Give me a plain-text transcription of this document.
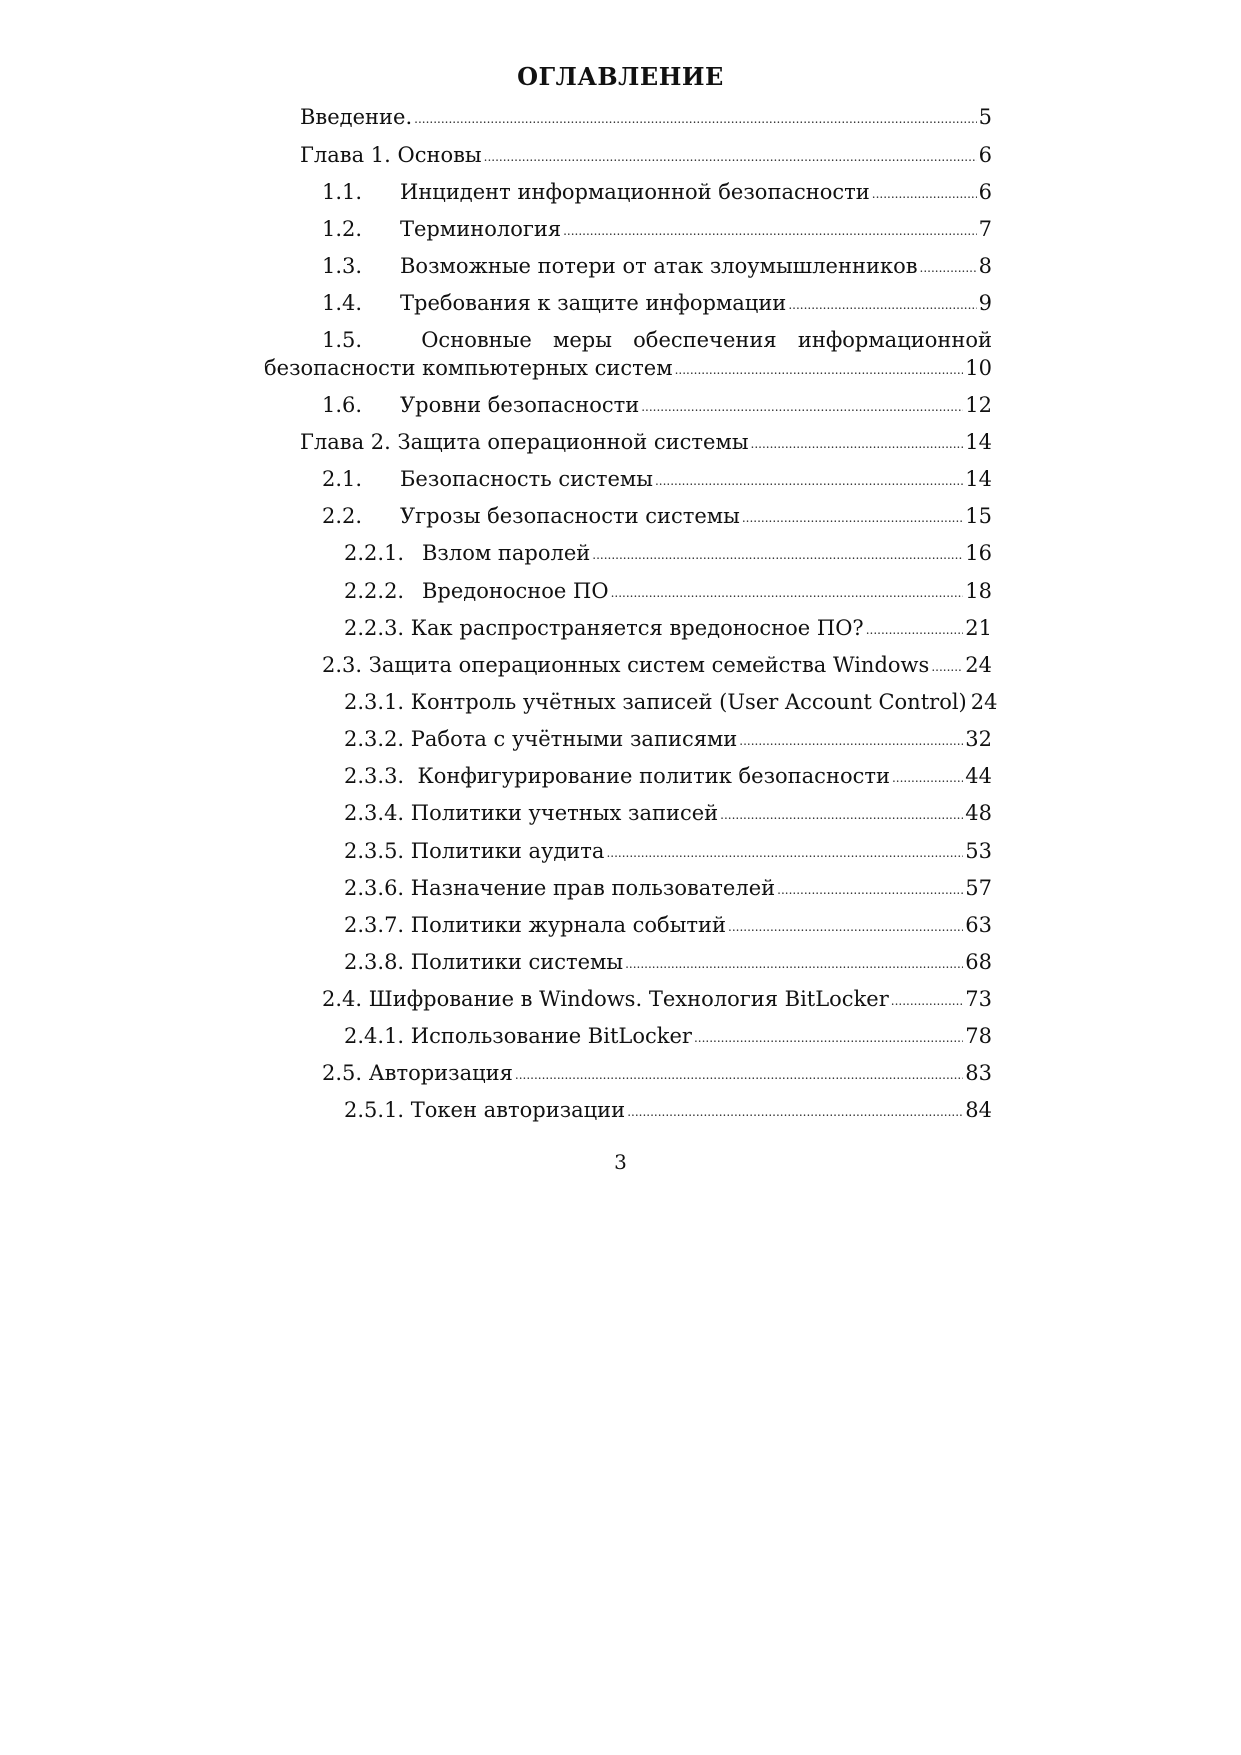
ОГЛАВЛЕНИЕ
Введение. .....	5
Глава 1. Основы .....	6
1.1.	Инцидент информационной безопасности .....	6
1.2.	Терминология .....	7
1.3.	Возможные потери от атак злоумышленников .....	8
1.4.	Требования к защите информации .....	9
1.5.	Основные меры обеспечения информационной
безопасности компьютерных систем .....	10
1.6.	Уровни безопасности .....	12
Глава 2. Защита операционной системы .....	14
2.1.	Безопасность системы .....	14
2.2.	Угрозы безопасности системы .....	15
2.2.1. Взлом паролей .....	16
2.2.2. Вредоносное ПО .....	18
2.2.3. Как распространяется вредоносное ПО? .....	21
2.3. Защита операционных систем семейства Windows ..... 24
2.3.1. Контроль учётных записей (User Account Control) 24
2.3.2. Работа с учётными записями .....	32
2.3.3.  Конфигурирование политик безопасности .....	44
2.3.4. Политики учетных записей .....	48
2.3.5. Политики аудита .....	53
2.3.6. Назначение прав пользователей .....	57
2.3.7. Политики журнала событий .....	63
2.3.8. Политики системы .....	68
2.4. Шифрование в Windows. Технология BitLocker .....	73
2.4.1. Использование BitLocker .....	78
2.5. Авторизация .....	83
2.5.1. Токен авторизации .....	84
3
